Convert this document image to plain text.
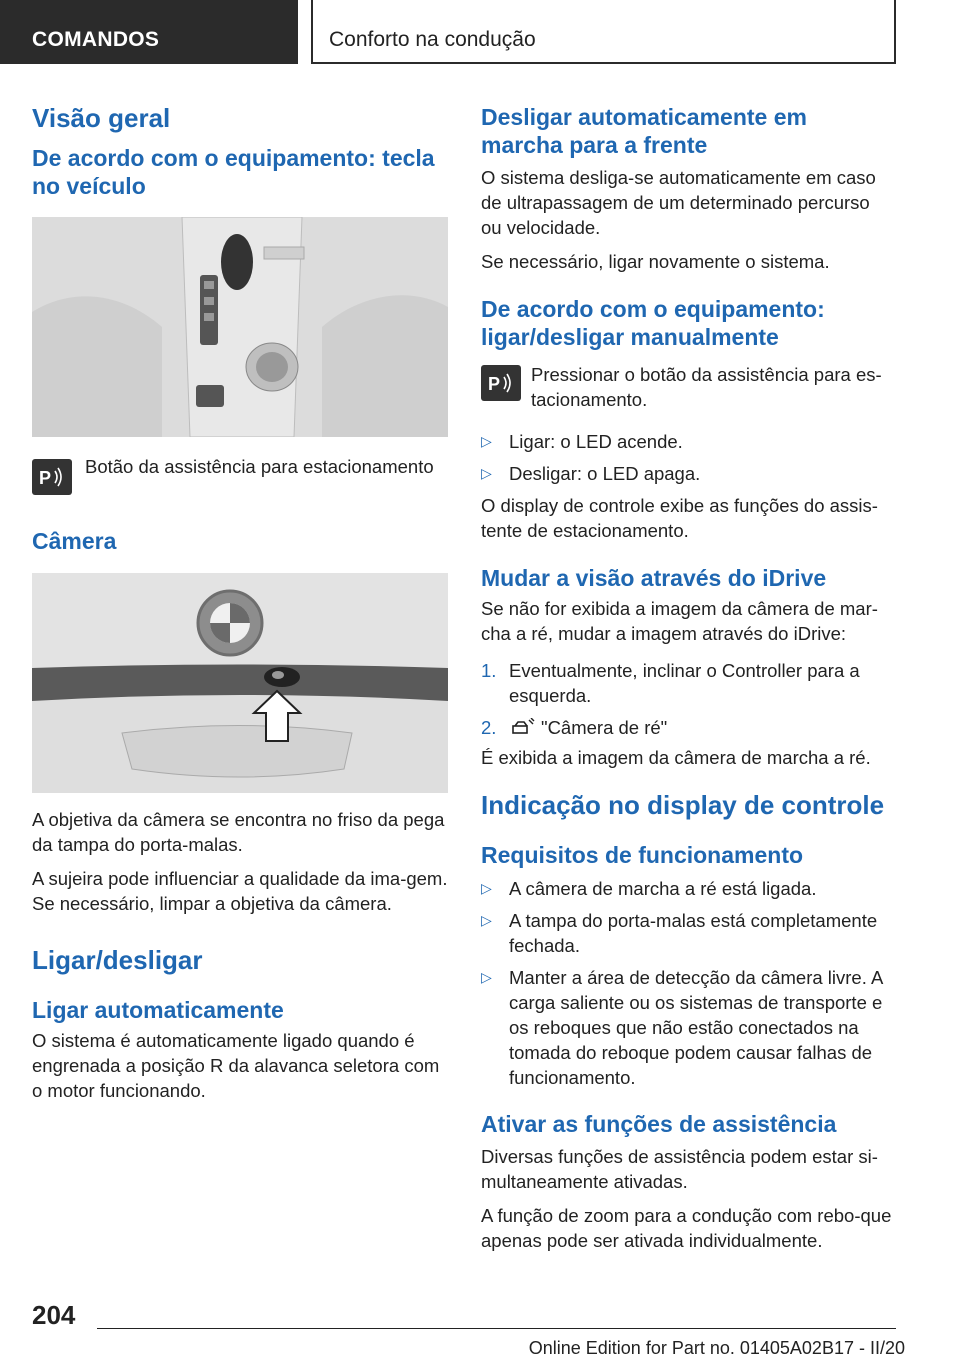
COMANDOS	Conforto na condução
Visão geral
De acordo com o equipamento: tecla no veículo
P

Botão da assistência para estacionamento

Câmera

A objetiva da câmera se encontra no friso da pega da tampa do porta-malas.

A sujeira pode influenciar a qualidade da ima-gem. Se necessário, limpar a objetiva da câmera.

Ligar/desligar
Ligar automaticamente

O sistema é automaticamente ligado quando é engrenada a posição R da alavanca seletora com o motor funcionando.

Desligar automaticamente em marcha para a frente

O sistema desliga-se automaticamente em caso de ultrapassagem de um determinado percurso ou velocidade.

Se necessário, ligar novamente o sistema.

De acordo com o equipamento: ligar/desligar manualmente
P Pressionar o botão da assistência para es-tacionamento.

▷ Ligar: o LED acende.
▷ Desligar: o LED apaga.

O display de controle exibe as funções do assis-tente de estacionamento.

Mudar a visão através do iDrive

Se não for exibida a imagem da câmera de mar-cha a ré, mudar a imagem através do iDrive:

1. Eventualmente, inclinar o Controller para a esquerda.
2. "Câmera de ré"

É exibida a imagem da câmera de marcha a ré.

Indicação no display de controle
Requisitos de funcionamento
▷ A câmera de marcha a ré está ligada.
▷ A tampa do porta-malas está completamente fechada.
▷ Manter a área de detecção da câmera livre. A carga saliente ou os sistemas de transporte e os reboques que não estão conectados na tomada do reboque podem causar falhas de funcionamento.
Ativar as funções de assistência

Diversas funções de assistência podem estar si-multaneamente ativadas.

A função de zoom para a condução com rebo-que apenas pode ser ativada individualmente.

204
Online Edition for Part no. 01405A02B17 - II/20
